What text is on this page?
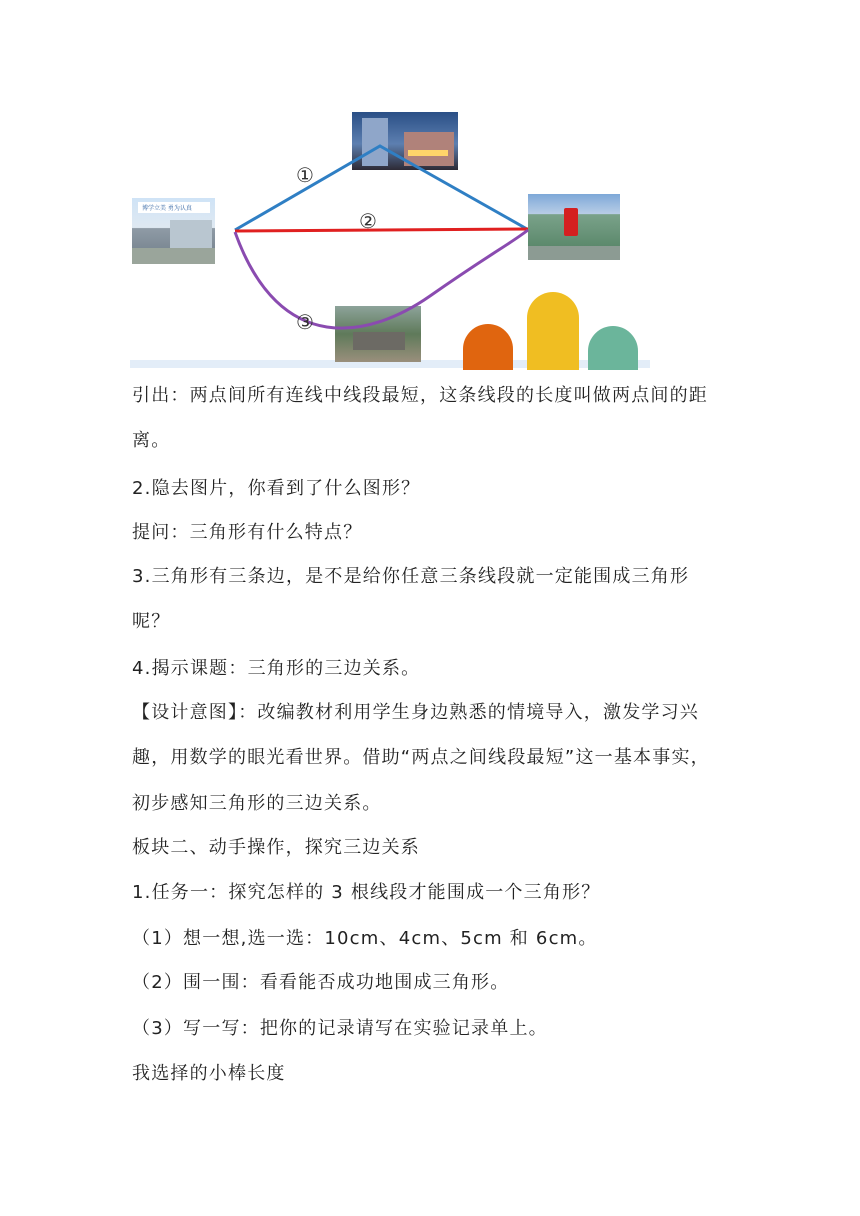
博学立美 勇为认真
①
②
③
引出：两点间所有连线中线段最短，这条线段的长度叫做两点间的距
离。
2.隐去图片，你看到了什么图形？
提问：三角形有什么特点？
3.三角形有三条边，是不是给你任意三条线段就一定能围成三角形
呢？
4.揭示课题：三角形的三边关系。
【设计意图】：改编教材利用学生身边熟悉的情境导入，激发学习兴
趣，用数学的眼光看世界。借助“两点之间线段最短”这一基本事实，
初步感知三角形的三边关系。
板块二、动手操作，探究三边关系
1.任务一：探究怎样的 3 根线段才能围成一个三角形？
（1）想一想,选一选：10cm、4cm、5cm 和 6cm。
（2）围一围：看看能否成功地围成三角形。
（3）写一写：把你的记录请写在实验记录单上。
我选择的小棒长度
